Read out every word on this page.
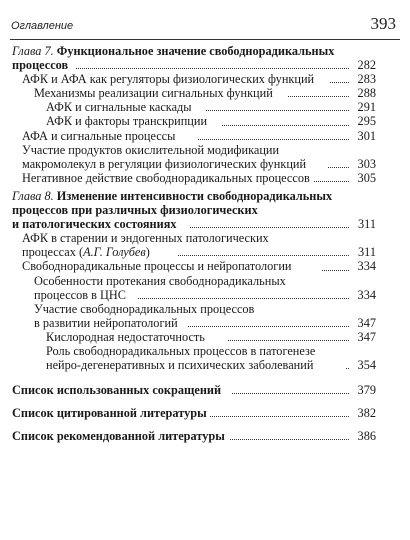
Оглавление	393
Глава 7. Функциональное значение свободнорадикальных
процессов	282
АФК и АФА как регуляторы физиологических функций	283
Механизмы реализации сигнальных функций	288
АФК и сигнальные каскады	291
АФК и факторы транскрипции	295
АФА и сигнальные процессы	301
Участие продуктов окислительной модификации
макромолекул в регуляции физиологических функций	303
Негативное действие свободнорадикальных процессов	305
Глава 8. Изменение интенсивности свободнорадикальных
процессов при различных физиологических
и патологических состояниях	311
АФК в старении и эндогенных патологических
процессах (А.Г. Голубев)	311
Свободнорадикальные процессы и нейропатологии	334
Особенности протекания свободнорадикальных
процессов в ЦНС	334
Участие свободнорадикальных процессов
в развитии нейропатологий	347
Кислородная недостаточность	347
Роль свободнорадикальных процессов в патогенезе
нейро-дегенеративных и психических заболеваний	354
Список использованных сокращений	379
Список цитированной литературы	382
Список рекомендованной литературы	386
